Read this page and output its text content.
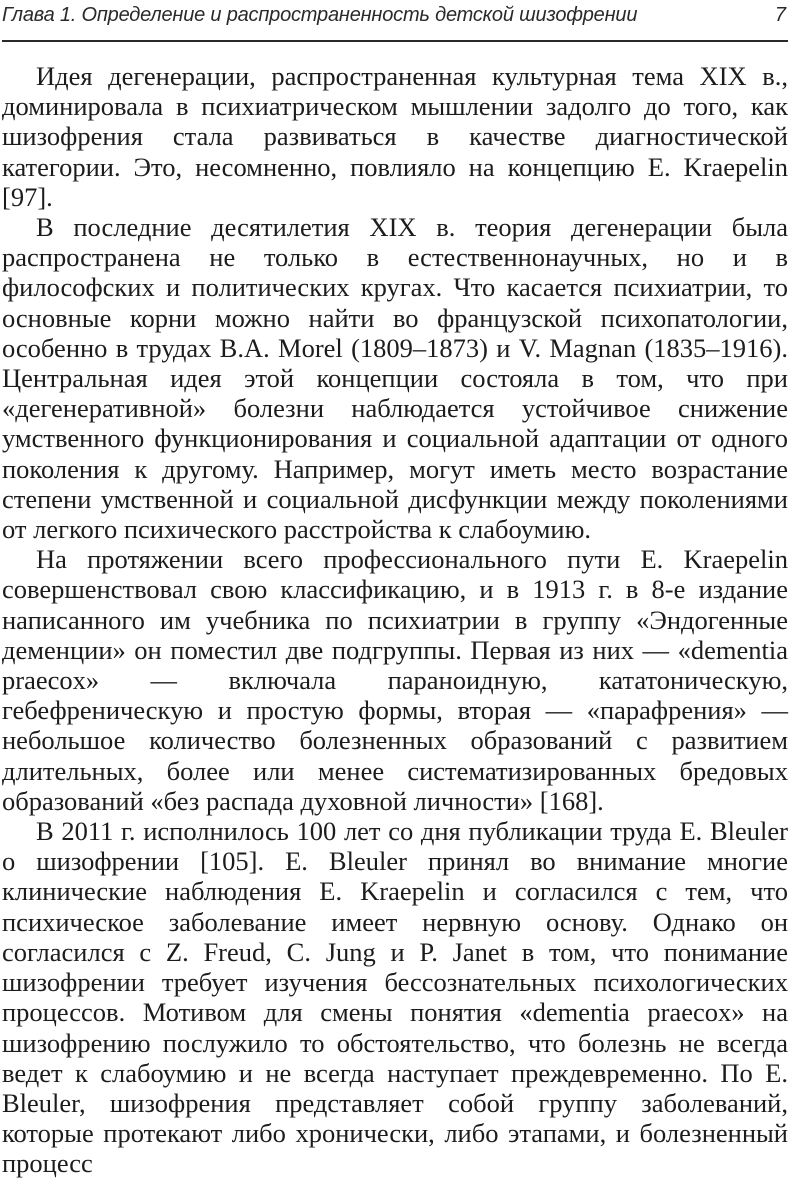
Глава 1. Определение и распространенность детской шизофрении	7

Идея дегенерации, распространенная культурная тема XIX в., доминировала в психиатрическом мышлении задолго до того, как шизофрения стала развиваться в качестве диагностической категории. Это, несомненно, повлияло на концепцию E. Kraepelin [97].

В последние десятилетия XIX в. теория дегенерации была распространена не только в естественнонаучных, но и в философских и политических кругах. Что касается психиатрии, то основные корни можно найти во французской психопатологии, особенно в трудах B.A. Morel (1809–1873) и V. Magnan (1835–1916). Центральная идея этой концепции состояла в том, что при «дегенеративной» болезни наблюдается устойчивое снижение умственного функционирования и социальной адаптации от одного поколения к другому. Например, могут иметь место возрастание степени умственной и социальной дисфункции между поколениями от легкого психического расстройства к слабоумию.

На протяжении всего профессионального пути E. Kraepelin совершенствовал свою классификацию, и в 1913 г. в 8-е издание написанного им учебника по психиатрии в группу «Эндогенные деменции» он поместил две подгруппы. Первая из них — «dementia praecox» — включала параноидную, кататоническую, гебефреническую и простую формы, вторая — «парафрения» — небольшое количество болезненных образований с развитием длительных, более или менее систематизированных бредовых образований «без распада духовной личности» [168].

В 2011 г. исполнилось 100 лет со дня публикации труда E. Bleuler о шизофрении [105]. E. Bleuler принял во внимание многие клинические наблюдения E. Kraepelin и согласился с тем, что психическое заболевание имеет нервную основу. Однако он согласился с Z. Freud, C. Jung и P. Janet в том, что понимание шизофрении требует изучения бессознательных психологических процессов. Мотивом для смены понятия «dementia praecox» на шизофрению послужило то обстоятельство, что болезнь не всегда ведет к слабоумию и не всегда наступает преждевременно. По E. Bleuler, шизофрения представляет собой группу заболеваний, которые протекают либо хронически, либо этапами, и болезненный процесс
